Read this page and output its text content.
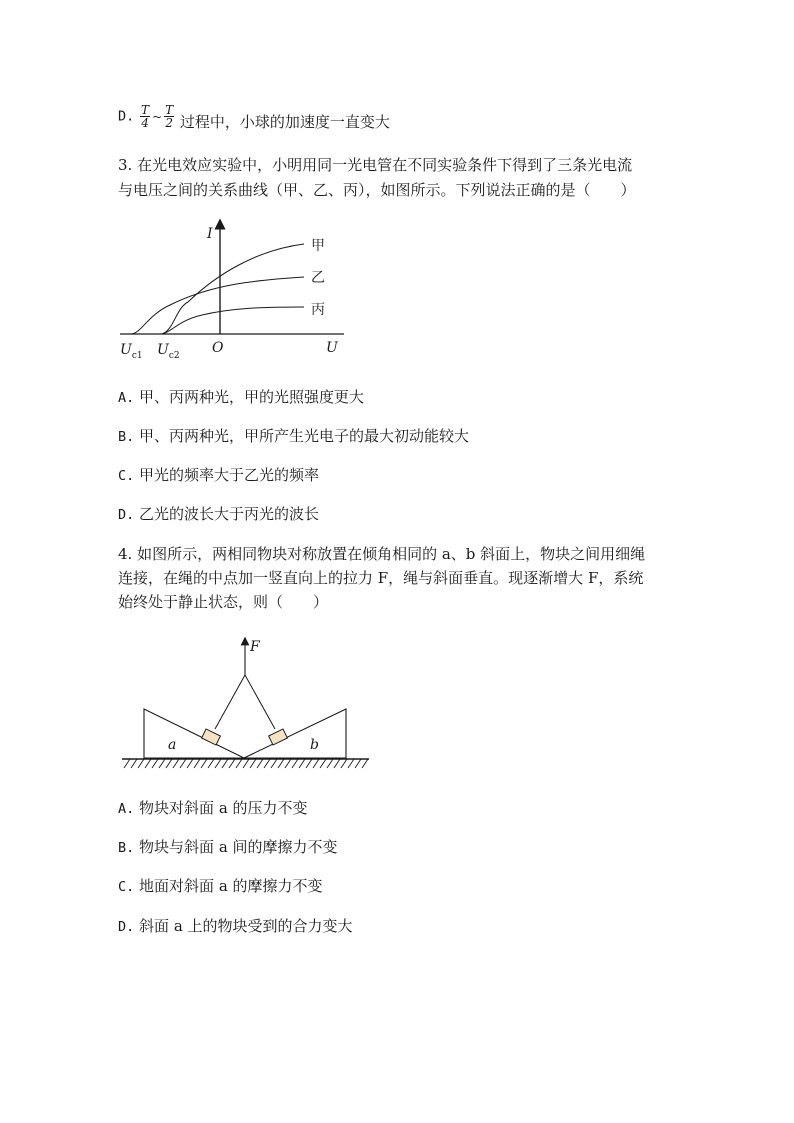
D. $\frac{T}{4}$ ~ $\frac{T}{2}$ 过程中，小球的加速度一直变大
3. 在光电效应实验中，小明用同一光电管在不同实验条件下得到了三条光电流
与电压之间的关系曲线（甲、乙、丙），如图所示。下列说法正确的是（　　）
I
甲
乙
丙
$U_{c1}$ $U_{c2}$ O	U
A. 甲、丙两种光，甲的光照强度更大
B. 甲、丙两种光，甲所产生光电子的最大初动能较大
C. 甲光的频率大于乙光的频率
D. 乙光的波长大于丙光的波长
4. 如图所示，两相同物块对称放置在倾角相同的 a、b 斜面上，物块之间用细绳
连接，在绳的中点加一竖直向上的拉力 F，绳与斜面垂直。现逐渐增大 F，系统
始终处于静止状态，则（　　）
F
a	b
A. 物块对斜面 a 的压力不变
B. 物块与斜面 a 间的摩擦力不变
C. 地面对斜面 a 的摩擦力不变
D. 斜面 a 上的物块受到的合力变大
